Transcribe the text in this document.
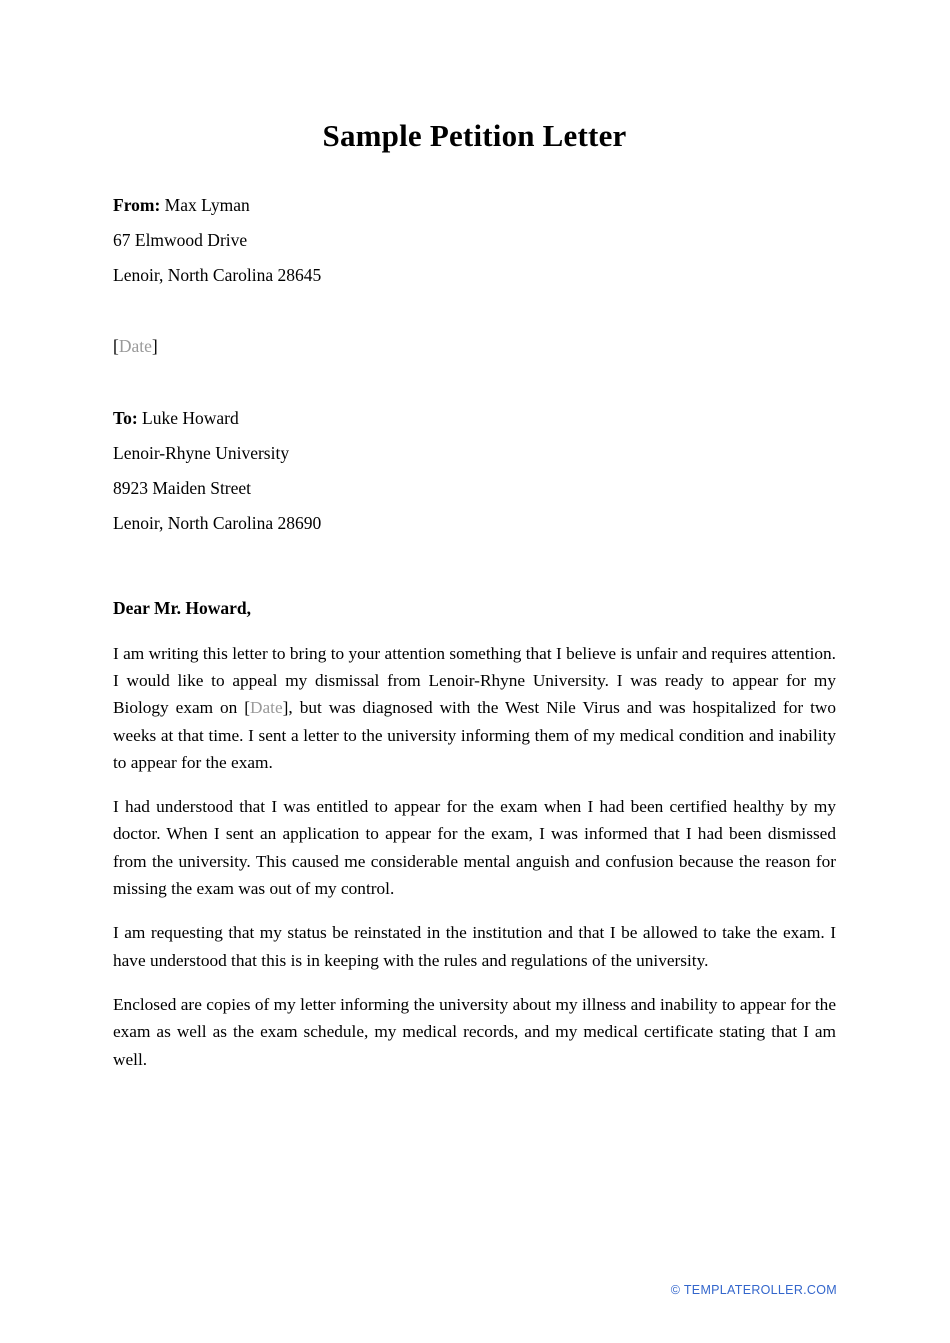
Sample Petition Letter
From: Max Lyman
67 Elmwood Drive
Lenoir, North Carolina 28645
[Date]
To: Luke Howard
Lenoir-Rhyne University
8923 Maiden Street
Lenoir, North Carolina 28690
Dear Mr. Howard,

I am writing this letter to bring to your attention something that I believe is unfair and requires attention. I would like to appeal my dismissal from Lenoir-Rhyne University. I was ready to appear for my Biology exam on [Date], but was diagnosed with the West Nile Virus and was hospitalized for two weeks at that time. I sent a letter to the university informing them of my medical condition and inability to appear for the exam.

I had understood that I was entitled to appear for the exam when I had been certified healthy by my doctor. When I sent an application to appear for the exam, I was informed that I had been dismissed from the university. This caused me considerable mental anguish and confusion because the reason for missing the exam was out of my control.

I am requesting that my status be reinstated in the institution and that I be allowed to take the exam. I have understood that this is in keeping with the rules and regulations of the university.

Enclosed are copies of my letter informing the university about my illness and inability to appear for the exam as well as the exam schedule, my medical records, and my medical certificate stating that I am well.

© TEMPLATEROLLER.COM
